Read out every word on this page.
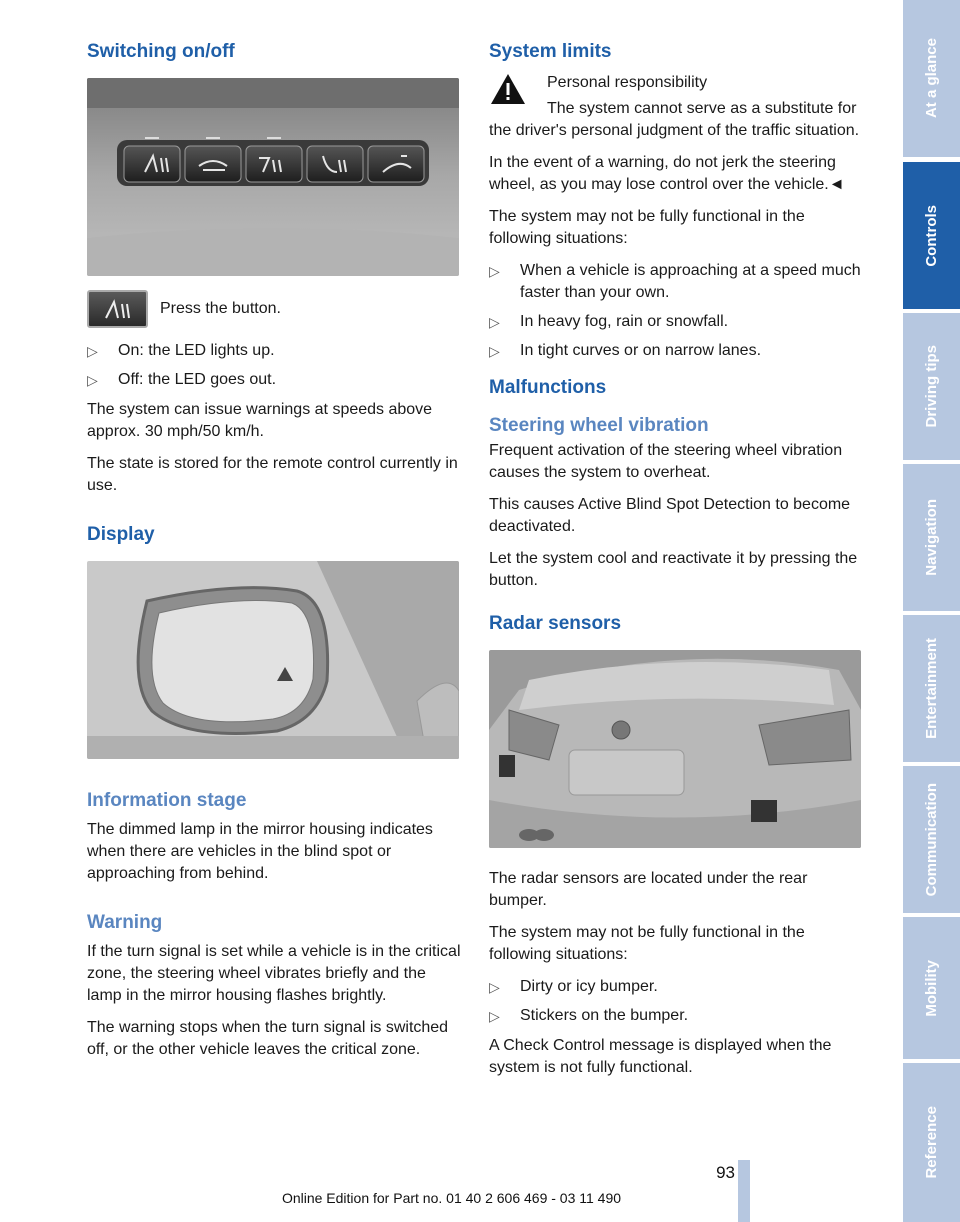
Switching on/off

Press the button.

▷ On: the LED lights up.
▷ Off: the LED goes out.

The system can issue warnings at speeds above approx. 30 mph/50 km/h.

The state is stored for the remote control currently in use.

Display
Information stage

The dimmed lamp in the mirror housing indicates when there are vehicles in the blind spot or approaching from behind.

Warning

If the turn signal is set while a vehicle is in the critical zone, the steering wheel vibrates briefly and the lamp in the mirror housing flashes brightly.

The warning stops when the turn signal is switched off, or the other vehicle leaves the critical zone.

System limits

Personal responsibility

The system cannot serve as a substitute for the driver's personal judgment of the traffic situation.

In the event of a warning, do not jerk the steering wheel, as you may lose control over the vehicle.◄

The system may not be fully functional in the following situations:

▷ When a vehicle is approaching at a speed much faster than your own.
▷ In heavy fog, rain or snowfall.
▷ In tight curves or on narrow lanes.
Malfunctions
Steering wheel vibration

Frequent activation of the steering wheel vibration causes the system to overheat.

This causes Active Blind Spot Detection to become deactivated.

Let the system cool and reactivate it by pressing the button.

Radar sensors

The radar sensors are located under the rear bumper.

The system may not be fully functional in the following situations:

▷ Dirty or icy bumper.
▷ Stickers on the bumper.

A Check Control message is displayed when the system is not fully functional.

At a glance
Controls
Driving tips
Navigation
Entertainment
Communication
Mobility
Reference
93
Online Edition for Part no. 01 40 2 606 469 - 03 11 490
